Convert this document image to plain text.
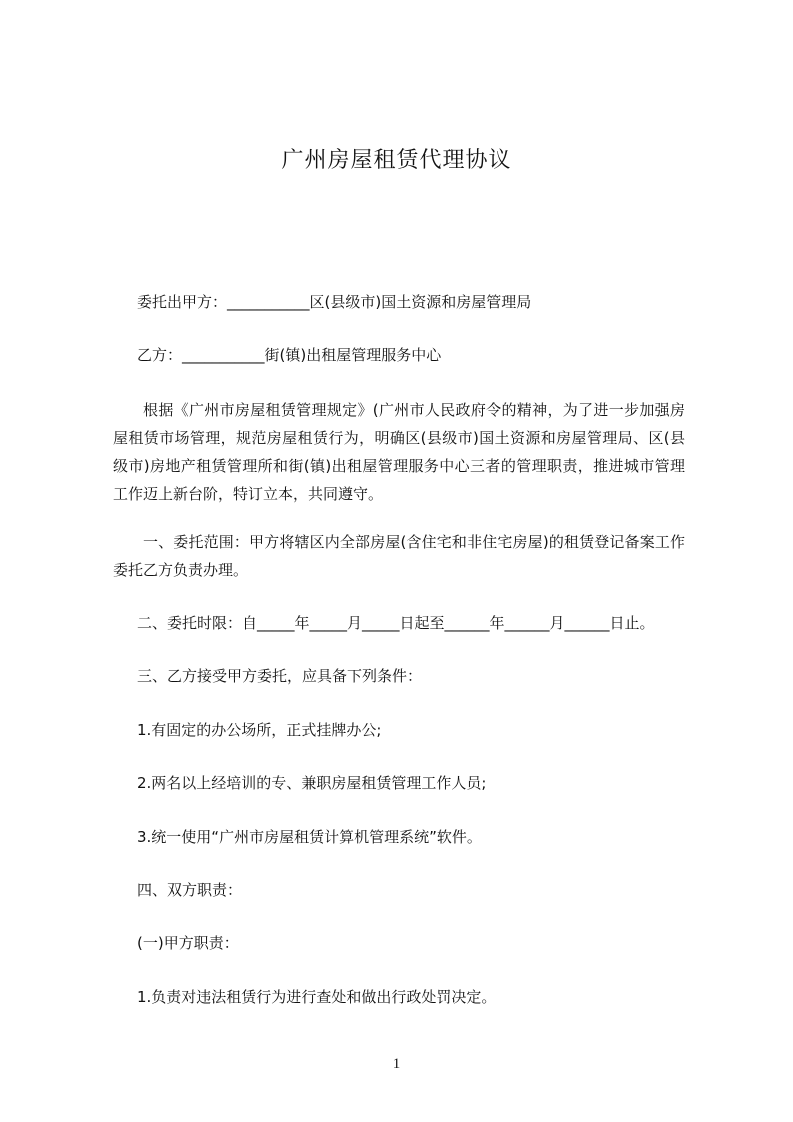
广州房屋租赁代理协议
委托出甲方：___________区(县级市)国土资源和房屋管理局
乙方：___________街(镇)出租屋管理服务中心
根据《广州市房屋租赁管理规定》(广州市人民政府令的精神，为了进一步加强房屋租赁市场管理，规范房屋租赁行为，明确区(县级市)国土资源和房屋管理局、区(县级市)房地产租赁管理所和街(镇)出租屋管理服务中心三者的管理职责，推进城市管理工作迈上新台阶，特订立本，共同遵守。
一、委托范围：甲方将辖区内全部房屋(含住宅和非住宅房屋)的租赁登记备案工作委托乙方负责办理。
二、委托时限：自_____年_____月_____日起至______年______月______日止。
三、乙方接受甲方委托，应具备下列条件：
1.有固定的办公场所，正式挂牌办公;
2.两名以上经培训的专、兼职房屋租赁管理工作人员;
3.统一使用“广州市房屋租赁计算机管理系统”软件。
四、双方职责：
(一)甲方职责：
1.负责对违法租赁行为进行查处和做出行政处罚决定。
1
